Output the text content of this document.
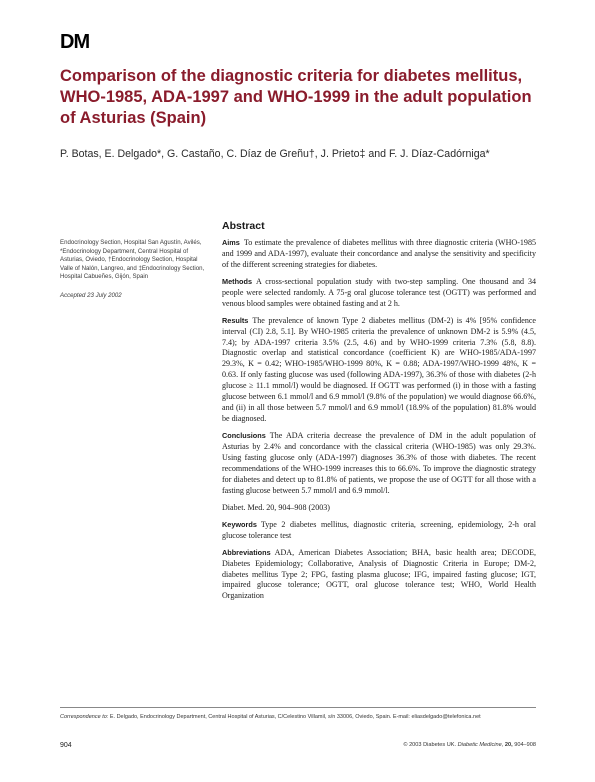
DM
Comparison of the diagnostic criteria for diabetes mellitus, WHO-1985, ADA-1997 and WHO-1999 in the adult population of Asturias (Spain)

P. Botas, E. Delgado*, G. Castaño, C. Díaz de Greñu†, J. Prieto‡ and F. J. Díaz-Cadórniga*

Endocrinology Section, Hospital San Agustín, Avilés, *Endocrinology Department, Central Hospital of Asturias, Oviedo, †Endocrinology Section, Hospital Valle of Nalón, Langreo, and ‡Endocrinology Section, Hospital Cabueñes, Gijón, Spain

Accepted 23 July 2002

Abstract

Aims To estimate the prevalence of diabetes mellitus with three diagnostic criteria (WHO-1985 and 1999 and ADA-1997), evaluate their concordance and analyse the sensitivity and specificity of the different screening strategies for diabetes.

Methods A cross-sectional population study with two-step sampling. One thousand and 34 people were selected randomly. A 75-g oral glucose tolerance test (OGTT) was performed and venous blood samples were obtained fasting and at 2 h.

Results The prevalence of known Type 2 diabetes mellitus (DM-2) is 4% [95% confidence interval (CI) 2.8, 5.1]. By WHO-1985 criteria the prevalence of unknown DM-2 is 5.9% (4.5, 7.4); by ADA-1997 criteria 3.5% (2.5, 4.6) and by WHO-1999 criteria 7.3% (5.8, 8.8). Diagnostic overlap and statistical concordance (coefficient K) are WHO-1985/ADA-1997 29.3%, K = 0.42; WHO-1985/WHO-1999 80%, K = 0.88; ADA-1997/WHO-1999 48%, K = 0.63. If only fasting glucose was used (following ADA-1997), 36.3% of those with diabetes (2-h glucose ≥ 11.1 mmol/l) would be diagnosed. If OGTT was performed (i) in those with a fasting glucose between 6.1 mmol/l and 6.9 mmol/l (9.8% of the population) we would diagnose 66.6%, and (ii) in all those between 5.7 mmol/l and 6.9 mmol/l (18.9% of the population) 81.8% would be diagnosed.

Conclusions The ADA criteria decrease the prevalence of DM in the adult population of Asturias by 2.4% and concordance with the classical criteria (WHO-1985) was only 29.3%. Using fasting glucose only (ADA-1997) diagnoses 36.3% of those with diabetes. The recent recommendations of the WHO-1999 increases this to 66.6%. To improve the diagnostic strategy for diabetes and detect up to 81.8% of patients, we propose the use of OGTT for all those with a fasting glucose between 5.7 mmol/l and 6.9 mmol/l.

Diabet. Med. 20, 904–908 (2003)

Keywords Type 2 diabetes mellitus, diagnostic criteria, screening, epidemiology, 2-h oral glucose tolerance test

Abbreviations ADA, American Diabetes Association; BHA, basic health area; DECODE, Diabetes Epidemiology; Collaborative, Analysis of Diagnostic Criteria in Europe; DM-2, diabetes mellitus Type 2; FPG, fasting plasma glucose; IFG, impaired fasting glucose; IGT, impaired glucose tolerance; OGTT, oral glucose tolerance test; WHO, World Health Organization

Correspondence to: E. Delgado, Endocrinology Department, Central Hospital of Asturias, C/Celestino Villamil, s/n 33006, Oviedo, Spain. E-mail: eliasdelgado@telefonica.net
904	© 2003 Diabetes UK. Diabetic Medicine, 20, 904–908
